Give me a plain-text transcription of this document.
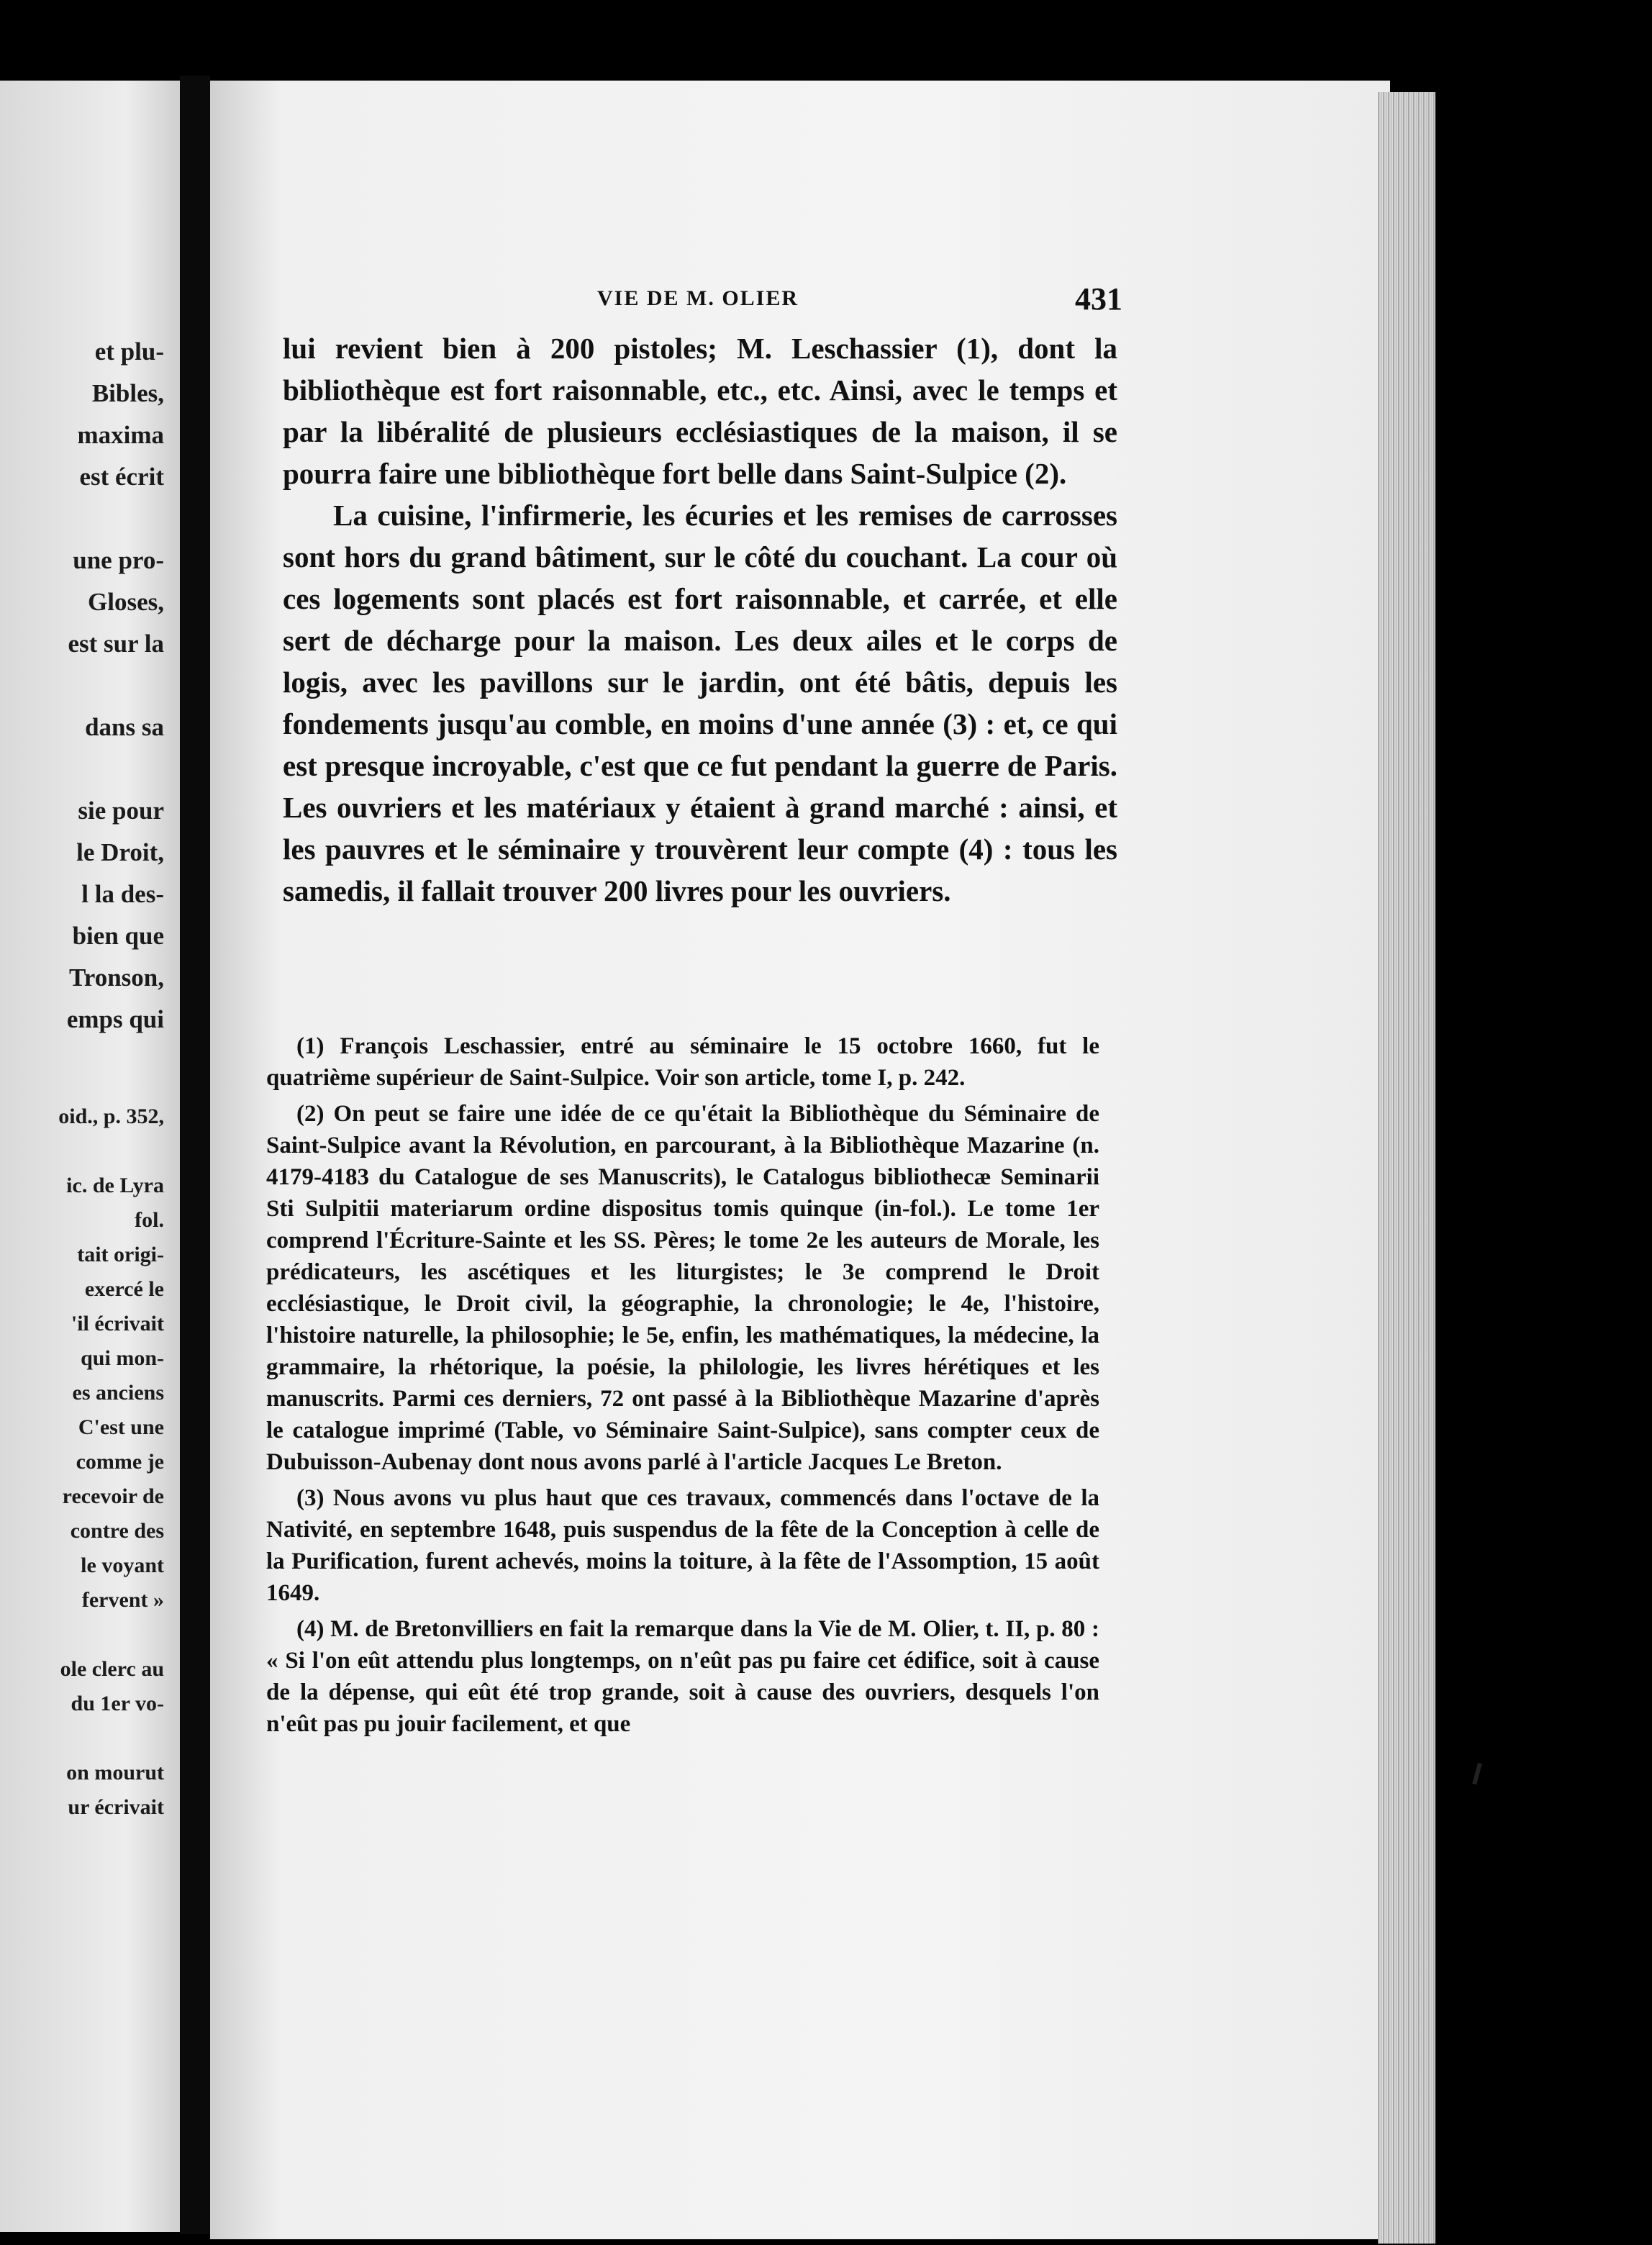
et plu-
Bibles,
maxima
est écrit
une pro-
Gloses,
est sur la
dans sa
sie pour
le Droit,
l la des-
bien que
Tronson,
emps qui
oid., p. 352,
ic. de Lyra
fol.
tait origi-
exercé le
'il écrivait
qui mon-
es anciens
C'est une
comme je
recevoir de
contre des
le voyant
fervent »
ole clerc au
du 1er vo-
on mourut
ur écrivait
VIE DE M. OLIER	431

lui revient bien à 200 pistoles; M. Leschassier (1), dont la bibliothèque est fort raisonnable, etc., etc. Ainsi, avec le temps et par la libéralité de plusieurs ecclésiastiques de la maison, il se pourra faire une bibliothèque fort belle dans Saint-Sulpice (2).

La cuisine, l'infirmerie, les écuries et les remises de carrosses sont hors du grand bâtiment, sur le côté du couchant. La cour où ces logements sont placés est fort raisonnable, et carrée, et elle sert de décharge pour la maison. Les deux ailes et le corps de logis, avec les pavillons sur le jardin, ont été bâtis, depuis les fondements jusqu'au comble, en moins d'une année (3) : et, ce qui est presque incroyable, c'est que ce fut pendant la guerre de Paris. Les ouvriers et les matériaux y étaient à grand marché : ainsi, et les pauvres et le séminaire y trouvèrent leur compte (4) : tous les samedis, il fallait trouver 200 livres pour les ouvriers.

(1) François Leschassier, entré au séminaire le 15 octobre 1660, fut le quatrième supérieur de Saint-Sulpice. Voir son article, tome I, p. 242.

(2) On peut se faire une idée de ce qu'était la Bibliothèque du Séminaire de Saint-Sulpice avant la Révolution, en parcourant, à la Bibliothèque Mazarine (n. 4179-4183 du Catalogue de ses Manuscrits), le Catalogus bibliothecæ Seminarii Sti Sulpitii materiarum ordine dispositus tomis quinque (in-fol.). Le tome 1er comprend l'Écriture-Sainte et les SS. Pères; le tome 2e les auteurs de Morale, les prédicateurs, les ascétiques et les liturgistes; le 3e comprend le Droit ecclésiastique, le Droit civil, la géographie, la chronologie; le 4e, l'histoire, l'histoire naturelle, la philosophie; le 5e, enfin, les mathématiques, la médecine, la grammaire, la rhétorique, la poésie, la philologie, les livres hérétiques et les manuscrits. Parmi ces derniers, 72 ont passé à la Bibliothèque Mazarine d'après le catalogue imprimé (Table, vo Séminaire Saint-Sulpice), sans compter ceux de Dubuisson-Aubenay dont nous avons parlé à l'article Jacques Le Breton.

(3) Nous avons vu plus haut que ces travaux, commencés dans l'octave de la Nativité, en septembre 1648, puis suspendus de la fête de la Conception à celle de la Purification, furent achevés, moins la toiture, à la fête de l'Assomption, 15 août 1649.

(4) M. de Bretonvilliers en fait la remarque dans la Vie de M. Olier, t. II, p. 80 : « Si l'on eût attendu plus longtemps, on n'eût pas pu faire cet édifice, soit à cause de la dépense, qui eût été trop grande, soit à cause des ouvriers, desquels l'on n'eût pas pu jouir facilement, et que
